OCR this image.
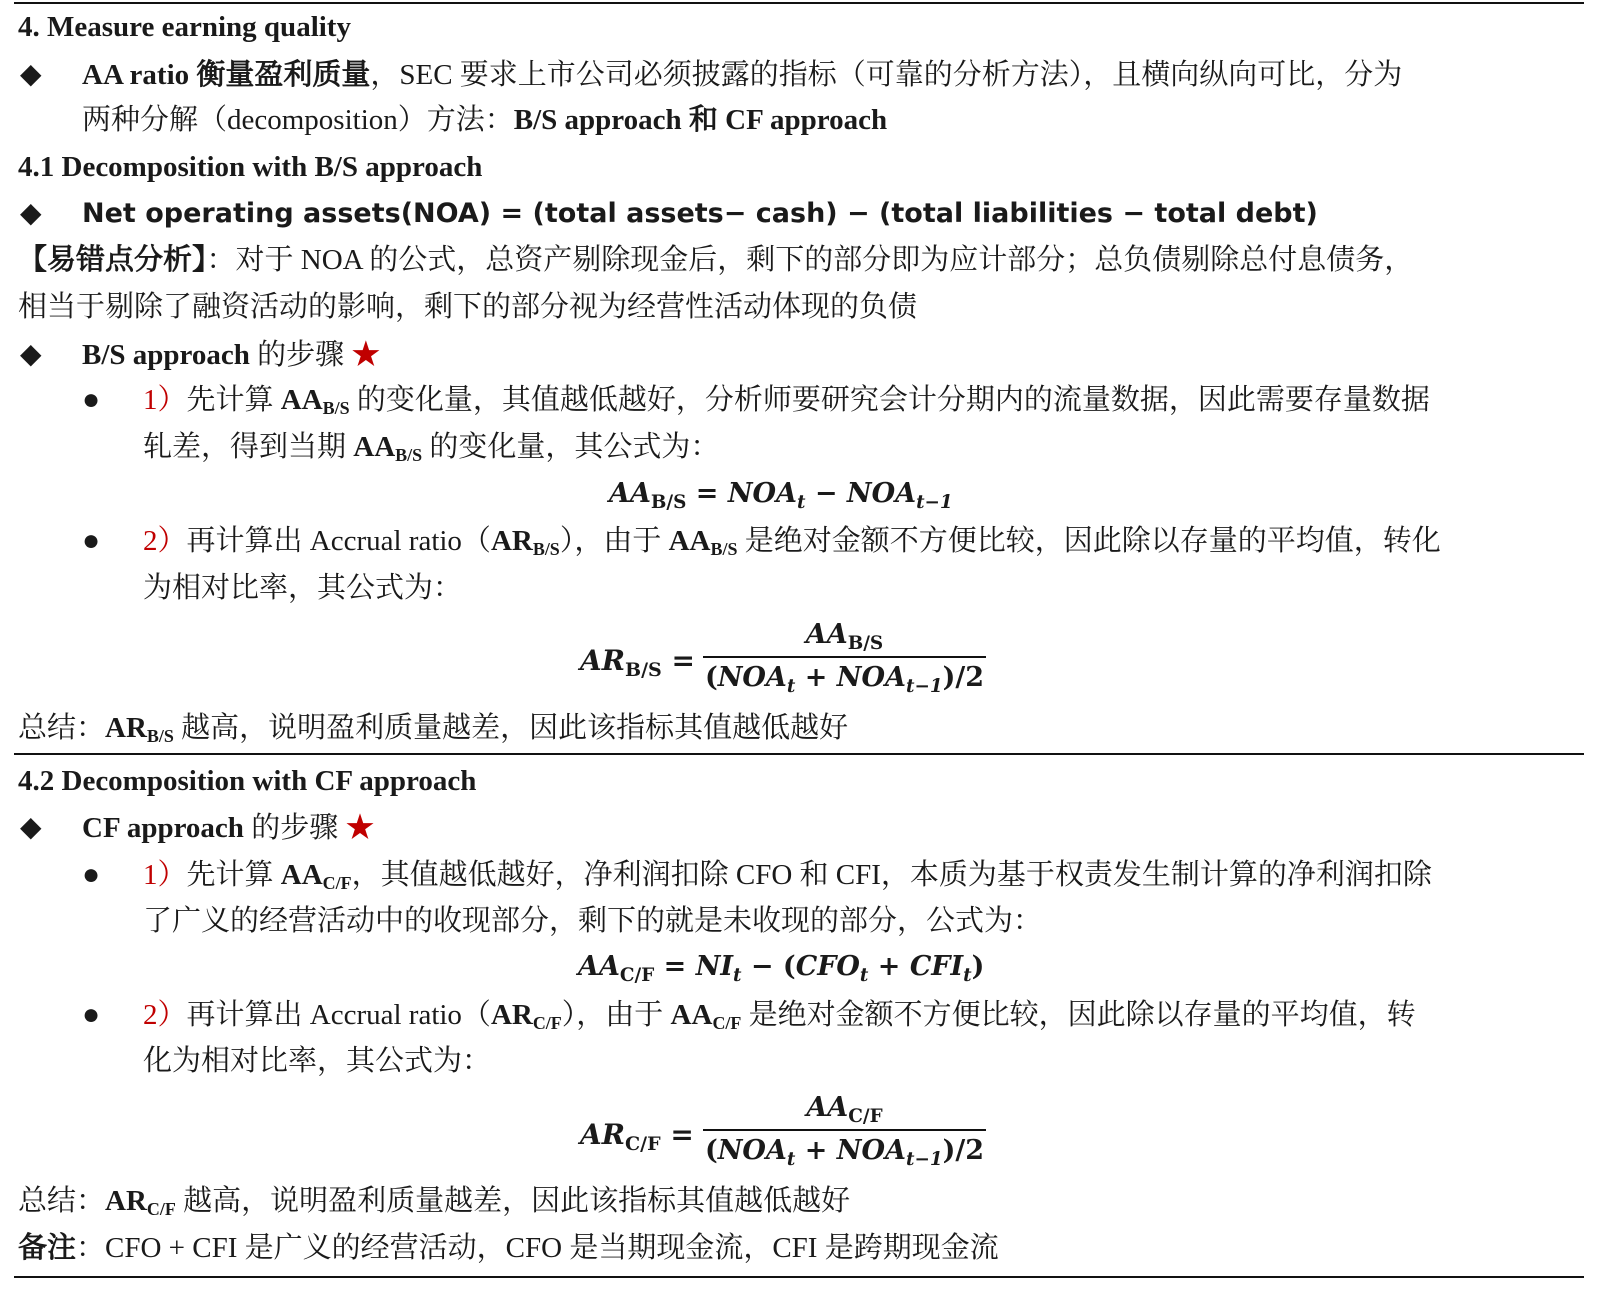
4. Measure earning quality
◆ AA ratio 衡量盈利质量，SEC 要求上市公司必须披露的指标（可靠的分析方法），且横向纵向可比，分为
两种分解（decomposition）方法：B/S approach 和 CF approach
4.1 Decomposition with B/S approach
◆ Net operating assets(NOA) = (total assets− cash) − (total liabilities − total debt)
【易错点分析】：对于 NOA 的公式，总资产剔除现金后，剩下的部分即为应计部分；总负债剔除总付息债务，
相当于剔除了融资活动的影响，剩下的部分视为经营性活动体现的负债
◆ B/S approach 的步骤 ★
● 1）先计算 $AA_{B/S}$ 的变化量，其值越低越好，分析师要研究会计分期内的流量数据，因此需要存量数据
轧差，得到当期 $AA_{B/S}$ 的变化量，其公式为：
$AA_{B/S} = NOA_t - NOA_{t-1}$
● 2）再计算出 Accrual $ratio(AR_{B/S})$，由于 $AA_{B/S}$ 是绝对金额不方便比较，因此除以存量的平均值，转化
为相对比率，其公式为：
$AR_{B/S}$ =
$AA_{B/S}$
$(NOA_t + NOA_{t-1})/2$
总结：$AR_{B/S}$ 越高，说明盈利质量越差，因此该指标其值越低越好
4.2 Decomposition with CF approach
◆ CF approach 的步骤 ★
● 1）先计算 $AA_{C/F}$，其值越低越好，净利润扣除 CFO 和 CFI，本质为基于权责发生制计算的净利润扣除
了广义的经营活动中的收现部分，剩下的就是未收现的部分，公式为：
$AA_{C/F} = NI_t - (CFO_t + CFI_t)$
● 2）再计算出 Accrual $ratio(AR_{C/F})$，由于 $AA_{C/F}$ 是绝对金额不方便比较，因此除以存量的平均值，转
化为相对比率，其公式为：
$AR_{C/F}$ =
$AA_{C/F}$
$(NOA_t + NOA_{t-1})/2$
总结：$AR_{C/F}$ 越高，说明盈利质量越差，因此该指标其值越低越好
备注：CFO + CFI 是广义的经营活动，CFO 是当期现金流，CFI 是跨期现金流
